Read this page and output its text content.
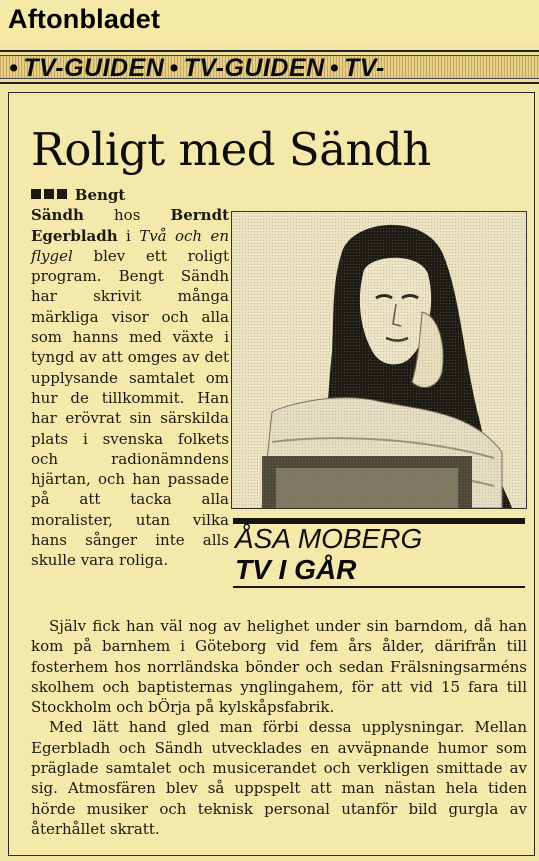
Aftonbladet
• TV-GUIDEN • TV-GUIDEN • TV-
Roligt med Sändh

Bengt
Sändh hos Berndt Egerbladh i Två och en flygel blev ett roligt program. Bengt Sändh har skrivit många märkliga visor och alla som hanns med växte i tyngd av att omges av det upplysande samtalet om hur de tillkommit. Han har erövrat sin särskilda plats i svenska folkets och radionämndens hjärtan, och han passade på att tacka alla moralister, utan vilka hans sånger inte alls skulle vara roliga.

ÅSA MOBERG
TV I GÅR

Själv fick han väl nog av helighet under sin barndom, då han kom på barnhem i Göteborg vid fem års ålder, därifrån till fosterhem hos norrländska bönder och sedan Frälsningsarméns skolhem och baptisternas ynglingahem, för att vid 15 fara till Stockholm och bÖrja på kylskåpsfabrik.

Med lätt hand gled man förbi dessa upplysningar. Mellan Egerbladh och Sändh utvecklades en avväpnande humor som präglade samtalet och musicerandet och verkligen smittade av sig. Atmosfären blev så uppspelt att man nästan hela tiden hörde musiker och teknisk personal utanför bild gurgla av återhållet skratt.
